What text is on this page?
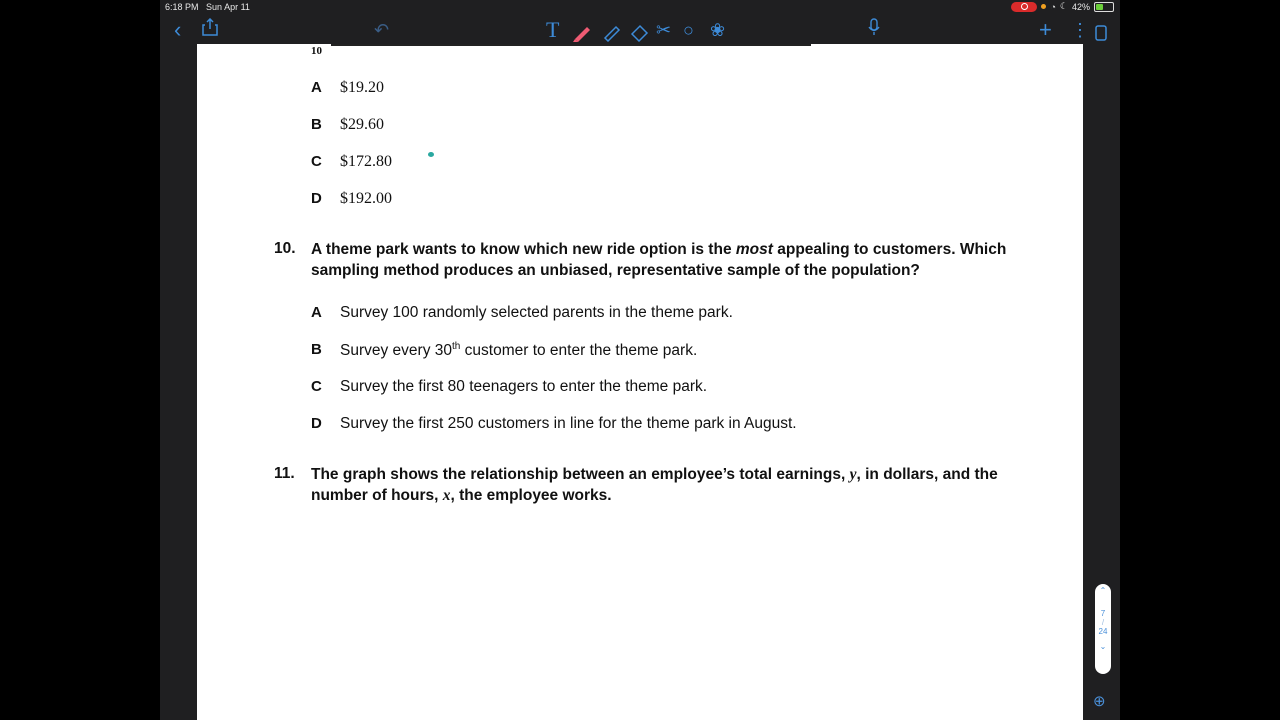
6:18 PM Sun Apr 11	◔ ☾ 42%
‹	↶	T	✂ ○ ❀	+ ⋮
10
A $19.20
B $29.60
C $172.80
D $192.00
10. A theme park wants to know which new ride option is the most appealing to customers. Which
sampling method produces an unbiased, representative sample of the population?
A Survey 100 randomly selected parents in the theme park.
B Survey every 30th customer to enter the theme park.
C Survey the first 80 teenagers to enter the theme park.
D Survey the first 250 customers in line for the theme park in August.
11. The graph shows the relationship between an employee’s total earnings, y, in dollars, and the
number of hours, x, the employee works.
⌃
7
/
24
⌄
⊕
